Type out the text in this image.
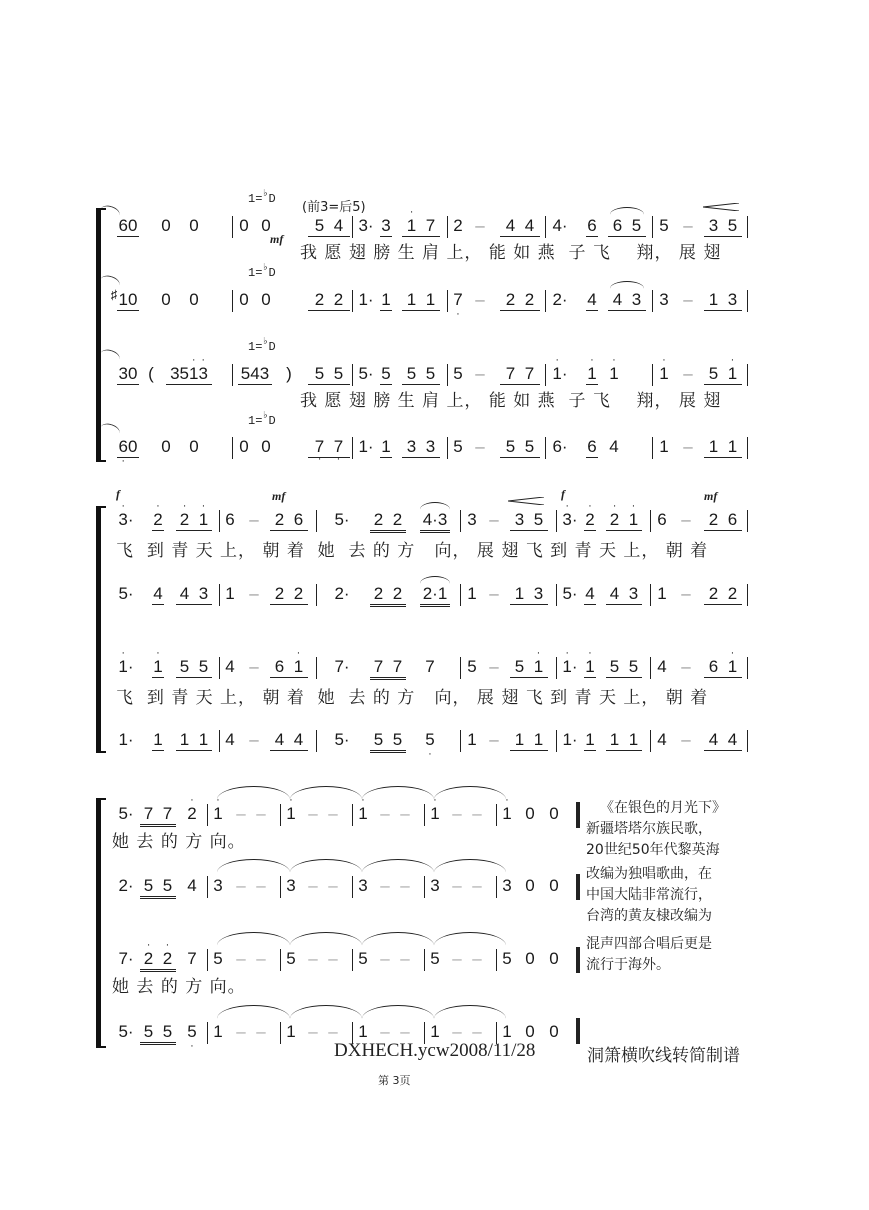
1=♭D
(前3=后5)
1=♭D
1=♭D
1=♭D
mf
60 0 0 0 0	5 4 3· 3 1
·
7 2 –	4 4	4· 6 6 5 5 – 3 5
我 愿 翅 膀 生 肩 上， 能 如 燕 子 飞 翔， 展 翅
♯ 10 0 0 0 0	2 2 1· 1 1 1 7
·
–	2 2	2· 4 4 3 3 – 1 3
30 ( 351
·
3
·
543 )	5 5 5· 5 5 5 5 –	7 7	1
·
· 1
·
1
·
1
·
– 5 1
·
我 愿 翅 膀 生 肩 上， 能 如 燕 子 飞 翔， 展 翅
6
·
0 0 0 0 0	7
·
7
·
1· 1 3 3 5 –	5 5	6· 6 4 1 – 1 1
f	mf	f	mf
3
·
· 2
·
2
·
1
·
6 – 2 6 5· 2 2 4·3 3 – 3 5 3
·
· 2
·
2
·
1
·
6 – 2 6
飞 到 青 天 上， 朝 着 她 去 的 方 向， 展 翅 飞 到 青 天 上， 朝 着
5· 4 4 3 1 – 2 2 2· 2 2 2·1 1 – 1 3 5· 4 4 3 1 – 2 2
1
·
· 1
·
5 5 4 – 6 1
·
7· 7 7 7 5 – 5 1
·
1
·
· 1
·
5 5 4 – 6 1
·
飞 到 青 天 上， 朝 着 她 去 的 方 向， 展 翅 飞 到 青 天 上， 朝 着
1· 1 1 1 4 – 4 4 5· 5 5 5
·
1 – 1 1 1· 1 1 1 4 – 4 4
5· 7 7 2
·
1
·
– – 1
·
– – 1
·
– – 1
·
– – 1
·
0 0
她 去 的 方 向。
2· 5 5 4 3 – – 3 – – 3 – – 3 – – 3 0 0
7· 2
·
2
·
7 5 – – 5 – – 5 – – 5 – – 5 0 0
她 去 的 方 向。
5· 5 5 5
·
1 – – 1 – – 1 – – 1 – – 1 0 0
《在银色的月光下》
新疆塔塔尔族民歌，
20世纪50年代黎英海
改编为独唱歌曲，在
中国大陆非常流行，
台湾的黄友棣改编为
混声四部合唱后更是
流行于海外。
DXHECH.ycw2008/11/28	洞箫横吹线转简制谱
第 3页
